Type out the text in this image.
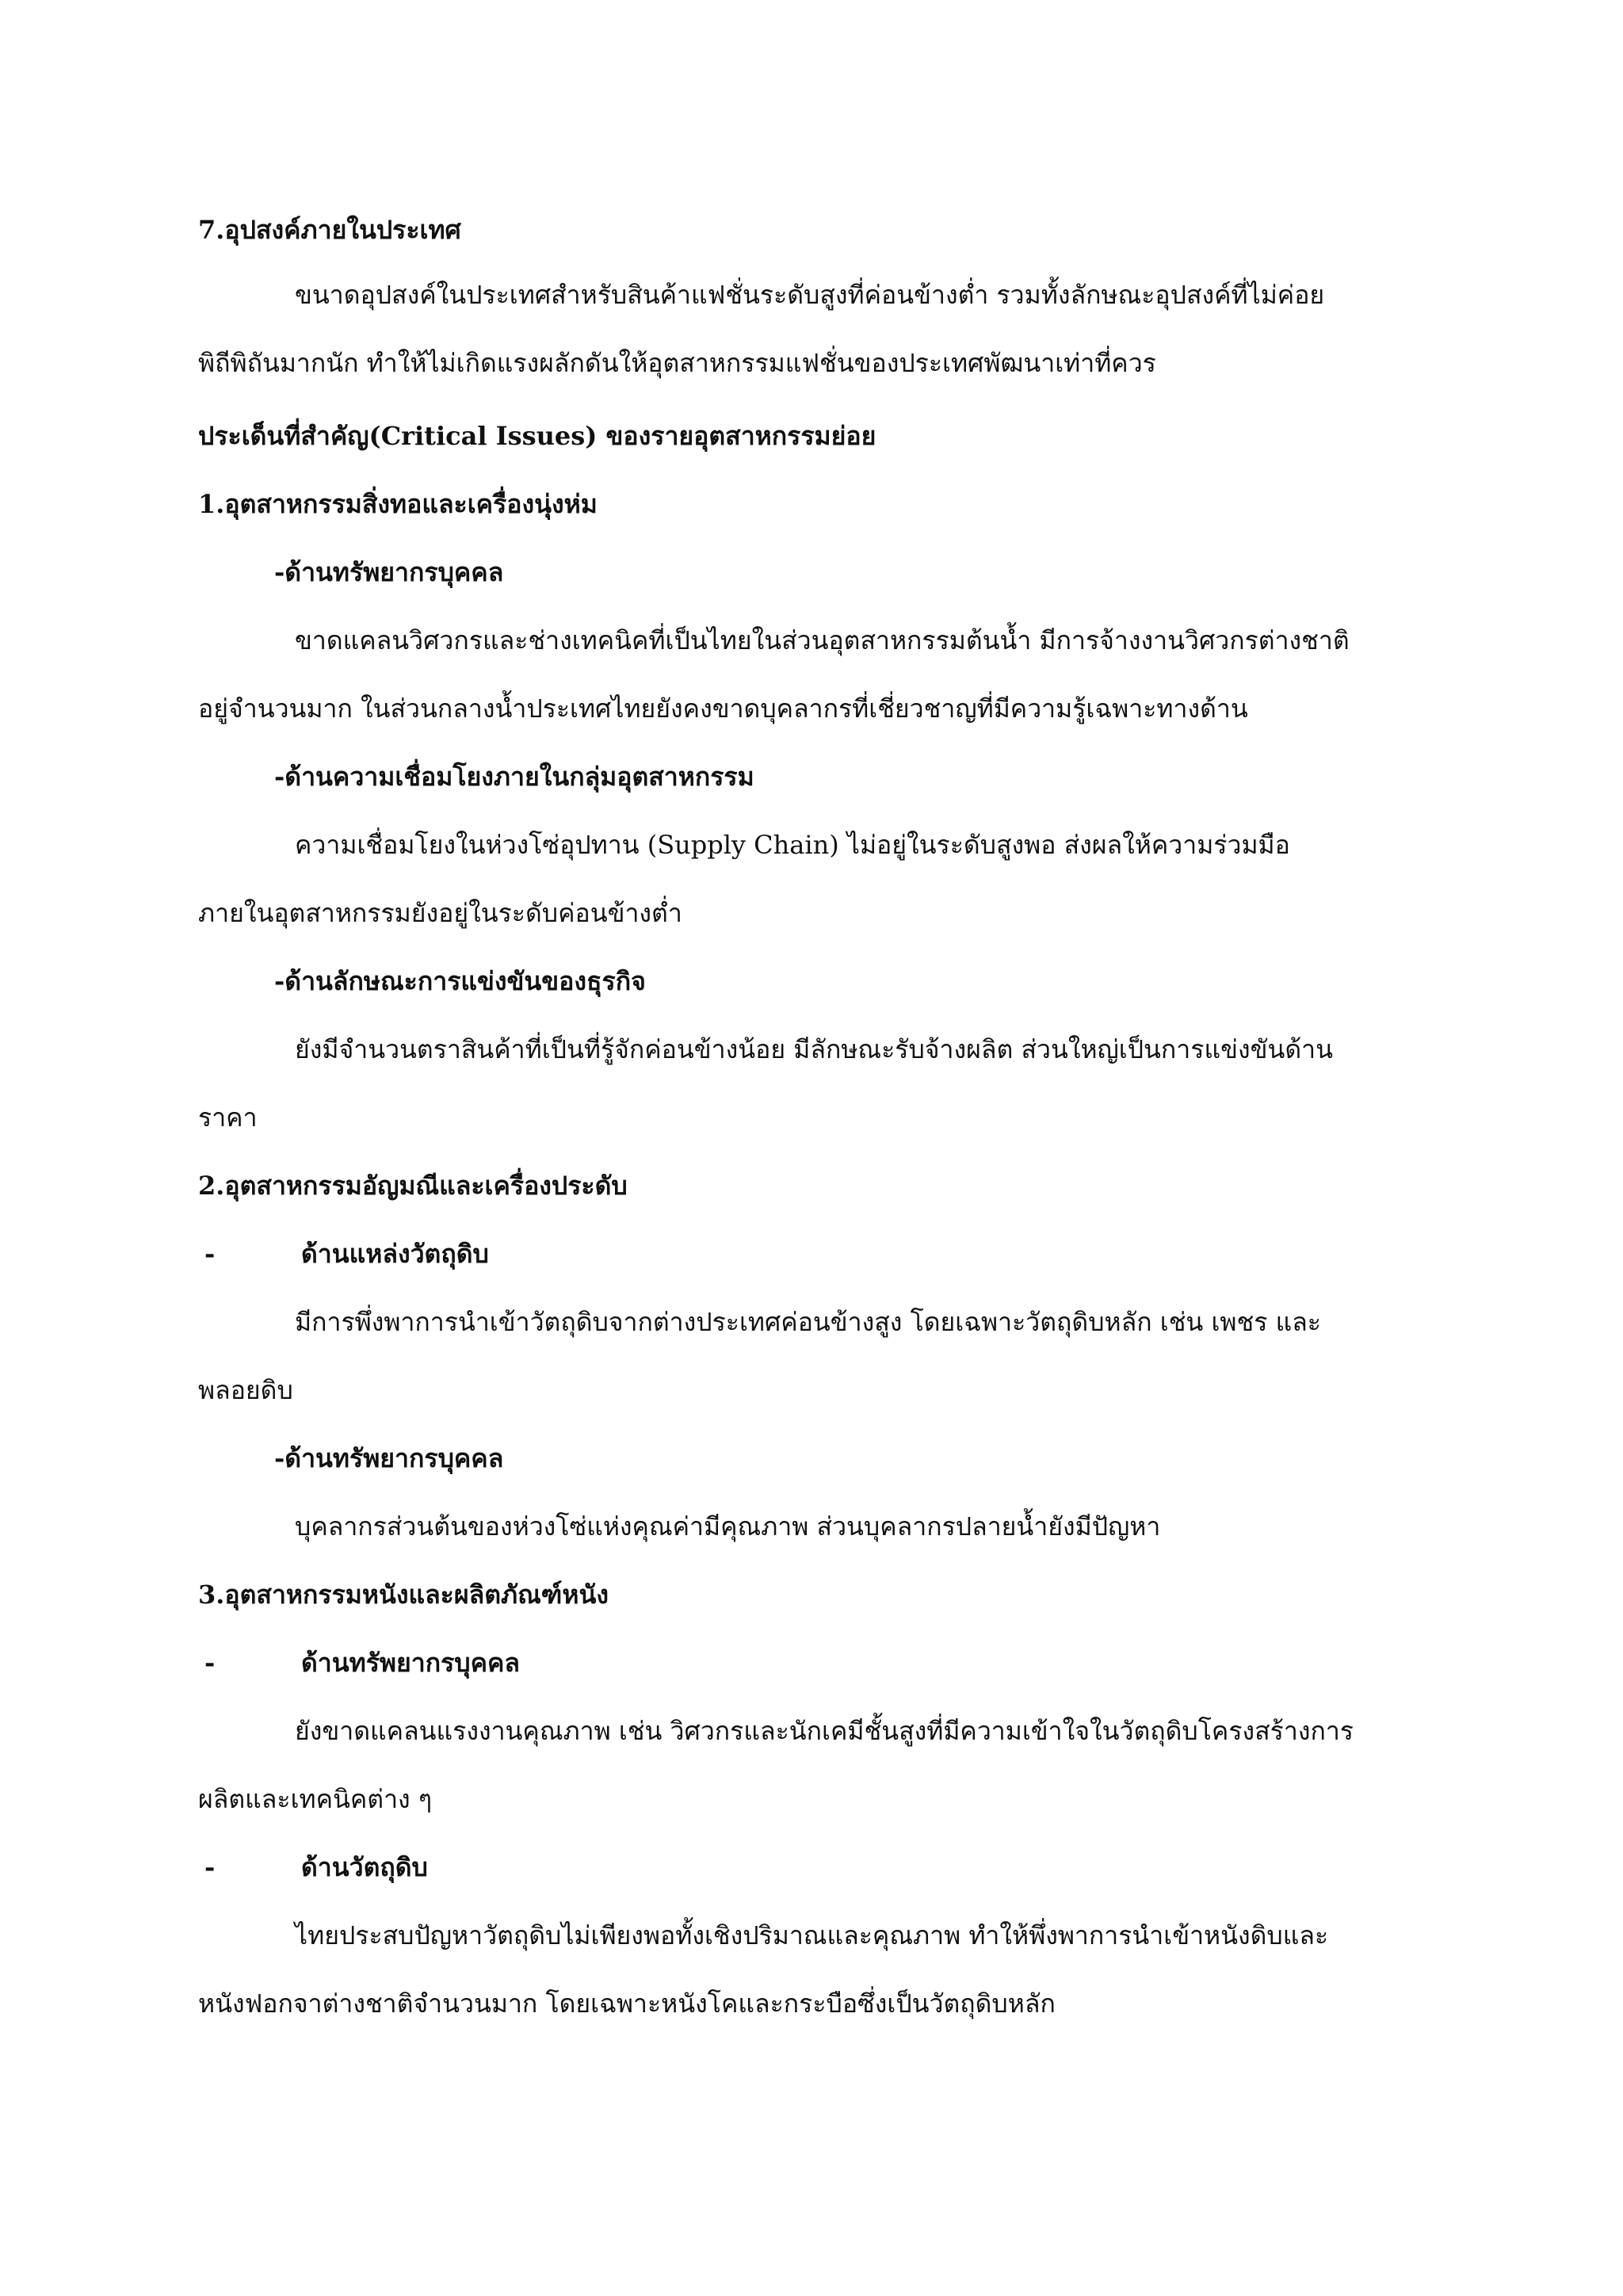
7.อุปสงค์ภายในประเทศ

ขนาดอุปสงค์ในประเทศสำหรับสินค้าแฟชั่นระดับสูงที่ค่อนข้างต่ำ รวมทั้งลักษณะอุปสงค์ที่ไม่ค่อย

พิถีพิถันมากนัก ทำให้ไม่เกิดแรงผลักดันให้อุตสาหกรรมแฟชั่นของประเทศพัฒนาเท่าที่ควร

ประเด็นที่สำคัญ(Critical Issues) ของรายอุตสาหกรรมย่อย

1.อุตสาหกรรมสิ่งทอและเครื่องนุ่งห่ม

-ด้านทรัพยากรบุคคล

ขาดแคลนวิศวกรและช่างเทคนิคที่เป็นไทยในส่วนอุตสาหกรรมต้นน้ำ มีการจ้างงานวิศวกรต่างชาติ

อยู่จำนวนมาก ในส่วนกลางน้ำประเทศไทยยังคงขาดบุคลากรที่เชี่ยวชาญที่มีความรู้เฉพาะทางด้าน

-ด้านความเชื่อมโยงภายในกลุ่มอุตสาหกรรม

ความเชื่อมโยงในห่วงโซ่อุปทาน (Supply Chain) ไม่อยู่ในระดับสูงพอ ส่งผลให้ความร่วมมือ

ภายในอุตสาหกรรมยังอยู่ในระดับค่อนข้างต่ำ

-ด้านลักษณะการแข่งขันของธุรกิจ

ยังมีจำนวนตราสินค้าที่เป็นที่รู้จักค่อนข้างน้อย มีลักษณะรับจ้างผลิต ส่วนใหญ่เป็นการแข่งขันด้าน

ราคา

2.อุตสาหกรรมอัญมณีและเครื่องประดับ

-	ด้านแหล่งวัตถุดิบ

มีการพึ่งพาการนำเข้าวัตถุดิบจากต่างประเทศค่อนข้างสูง โดยเฉพาะวัตถุดิบหลัก เช่น เพชร และ

พลอยดิบ

-ด้านทรัพยากรบุคคล

บุคลากรส่วนต้นของห่วงโซ่แห่งคุณค่ามีคุณภาพ ส่วนบุคลากรปลายน้ำยังมีปัญหา

3.อุตสาหกรรมหนังและผลิตภัณฑ์หนัง

-	ด้านทรัพยากรบุคคล

ยังขาดแคลนแรงงานคุณภาพ เช่น วิศวกรและนักเคมีชั้นสูงที่มีความเข้าใจในวัตถุดิบโครงสร้างการ

ผลิตและเทคนิคต่าง ๆ

-	ด้านวัตถุดิบ

ไทยประสบปัญหาวัตถุดิบไม่เพียงพอทั้งเชิงปริมาณและคุณภาพ ทำให้พึ่งพาการนำเข้าหนังดิบและ

หนังฟอกจาต่างชาติจำนวนมาก โดยเฉพาะหนังโคและกระบือซึ่งเป็นวัตถุดิบหลัก
